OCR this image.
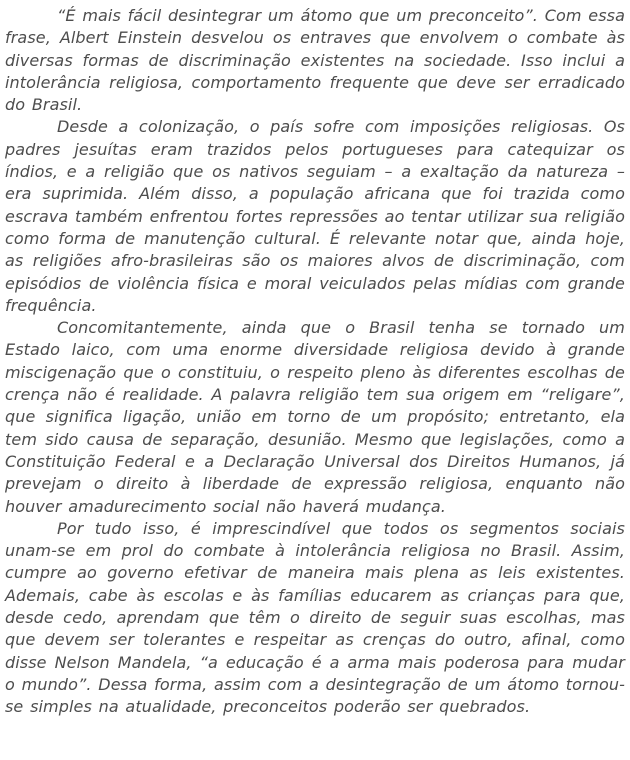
“É mais fácil desintegrar um átomo que um preconceito”. Com essa frase, Albert Einstein desvelou os entraves que envolvem o combate às diversas formas de discriminação existentes na sociedade. Isso inclui a intolerância religiosa, comportamento frequente que deve ser erradicado do Brasil.

Desde a colonização, o país sofre com imposições religiosas. Os padres jesuítas eram trazidos pelos portugueses para catequizar os índios, e a religião que os nativos seguiam – a exaltação da natureza – era suprimida. Além disso, a população africana que foi trazida como escrava também enfrentou fortes repressões ao tentar utilizar sua religião como forma de manutenção cultural. É relevante notar que, ainda hoje, as religiões afro-brasileiras são os maiores alvos de discriminação, com episódios de violência física e moral veiculados pelas mídias com grande frequência.

Concomitantemente, ainda que o Brasil tenha se tornado um Estado laico, com uma enorme diversidade religiosa devido à grande miscigenação que o constituiu, o respeito pleno às diferentes escolhas de crença não é realidade. A palavra religião tem sua origem em “religare”, que significa ligação, união em torno de um propósito; entretanto, ela tem sido causa de separação, desunião. Mesmo que legislações, como a Constituição Federal e a Declaração Universal dos Direitos Humanos, já prevejam o direito à liberdade de expressão religiosa, enquanto não houver amadurecimento social não haverá mudança.

Por tudo isso, é imprescindível que todos os segmentos sociais unam-se em prol do combate à intolerância religiosa no Brasil. Assim, cumpre ao governo efetivar de maneira mais plena as leis existentes. Ademais, cabe às escolas e às famílias educarem as crianças para que, desde cedo, aprendam que têm o direito de seguir suas escolhas, mas que devem ser tolerantes e respeitar as crenças do outro, afinal, como disse Nelson Mandela, “a educação é a arma mais poderosa para mudar o mundo”. Dessa forma, assim com a desintegração de um átomo tornou-se simples na atualidade, preconceitos poderão ser quebrados.
